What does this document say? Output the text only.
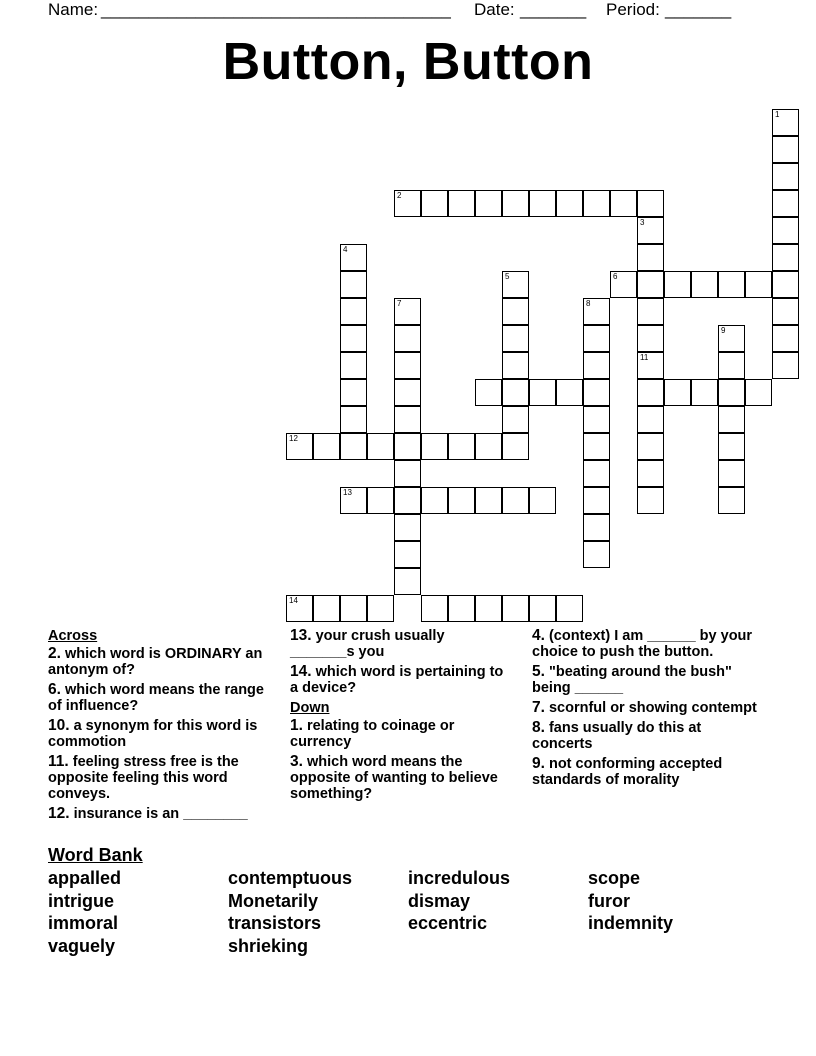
Name: _____________________________________ Date: _______ Period: _______
Button, Button
1
2
3
11
4
5	6
7	8
9
12
13
14
Across
2. which word is ORDINARY an antonym of?
6. which word means the range of influence?
10. a synonym for this word is commotion
11. feeling stress free is the opposite feeling this word conveys.
12. insurance is an ________
13. your crush usually _______s you
14. which word is pertaining to a device?
Down
1. relating to coinage or currency
3. which word means the opposite of wanting to believe something?
4. (context) I am ______ by your choice to push the button.
5. "beating around the bush" being ______
7. scornful or showing contempt
8. fans usually do this at concerts
9. not conforming accepted standards of morality
Word Bank
appalled	contemptuous	incredulous	scope
intrigue	Monetarily	dismay	furor
immoral	transistors	eccentric	indemnity
vaguely	shrieking
